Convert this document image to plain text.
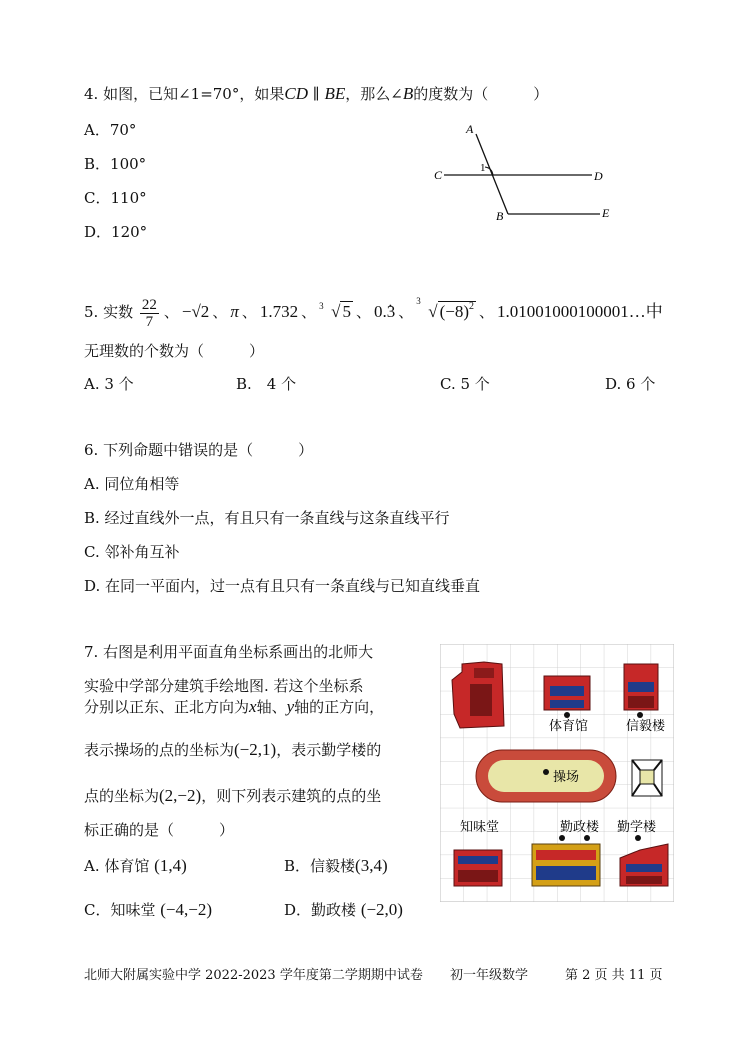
4. 如图，已知∠1=70°，如果CD ∥ BE，那么∠B的度数为（　　　）
A．70°
B．100°
C．110°
D．120°
A
C	D
B	E
1
5. 实数 $\frac{22}{7}$ 、 −√2 、 π 、 1.732 、 3 √ 5 、 0.3 · 、
3
√ $(-8)^2$ 、 1.01001000100001…中
无理数的个数为（　　　）
A. 3 个	B.　4 个	C. 5 个	D. 6 个
6. 下列命题中错误的是（　　　）
A. 同位角相等
B. 经过直线外一点，有且只有一条直线与这条直线平行
C. 邻补角互补
D. 在同一平面内，过一点有且只有一条直线与已知直线垂直
7. 右图是利用平面直角坐标系画出的北师大
实验中学部分建筑手绘地图. 若这个坐标系
分别以正东、正北方向为x轴、y轴的正方向，
表示操场的点的坐标为(−2,1)，表示勤学楼的
点的坐标为(2,−2)，则下列表示建筑的点的坐
标正确的是（　　　）
A. 体育馆 (1,4)	B．信毅楼(3,4)
C．知味堂 (−4,−2)	D．勤政楼 (−2,0)
体育馆	信毅楼
操场
知味堂	勤政楼 勤学楼
北师大附属实验中学 2022-2023 学年度第二学期期中试卷 初一年级数学	第 2 页 共 11 页
